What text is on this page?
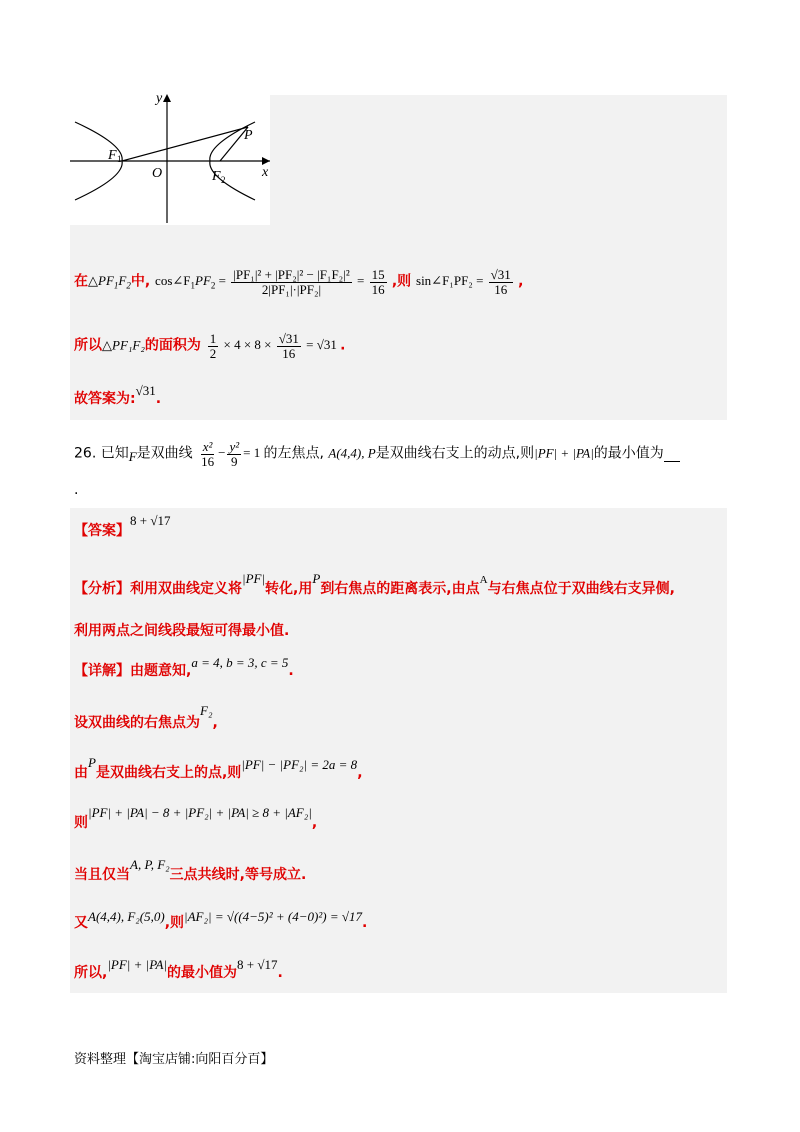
y
x
O
P
F 1
F 2
在$\triangle PF_1F_2$中, $\cos\angle F_1PF_2 = \frac{\text{|PF₁|² + |PF₂|² − |F₁F₂|²}}{\text{2|PF₁|·|PF₂|}} = \frac{15}{16}$ ,则 sin∠F₁PF₂ = $\frac{√31}{16}$ ,
所以△PF₁F₂的面积为 $\frac{1}{2} \times 4 \times 8 \times \frac{√31}{16} = √31$ .
故答案为:√31.
26. 已知F是双曲线 $\frac{\text{x²}}{16} - \frac{\text{y²}}{9} = 1$ 的左焦点, A(4,4), P是双曲线右支上的动点,则|PF| + |PA|的最小值为
.
【答案】8 + √17
【分析】利用双曲线定义将|PF|转化,用P到右焦点的距离表示,由点$^A$与右焦点位于双曲线右支异侧,
利用两点之间线段最短可得最小值.
【详解】由题意知,a = 4, b = 3, c = 5.
设双曲线的右焦点为F₂,
由P是双曲线右支上的点,则|PF| − |PF₂| = 2a = 8,
则|PF| + |PA| − 8 + |PF₂| + |PA| ≥ 8 + |AF₂|,
当且仅当A, P, F₂三点共线时,等号成立.
又A(4,4), F₂(5,0),则|AF₂| = √((4−5)² + (4−0)²) = √17.
所以,|PF| + |PA|的最小值为8 + √17.
资料整理【淘宝店铺:向阳百分百】
